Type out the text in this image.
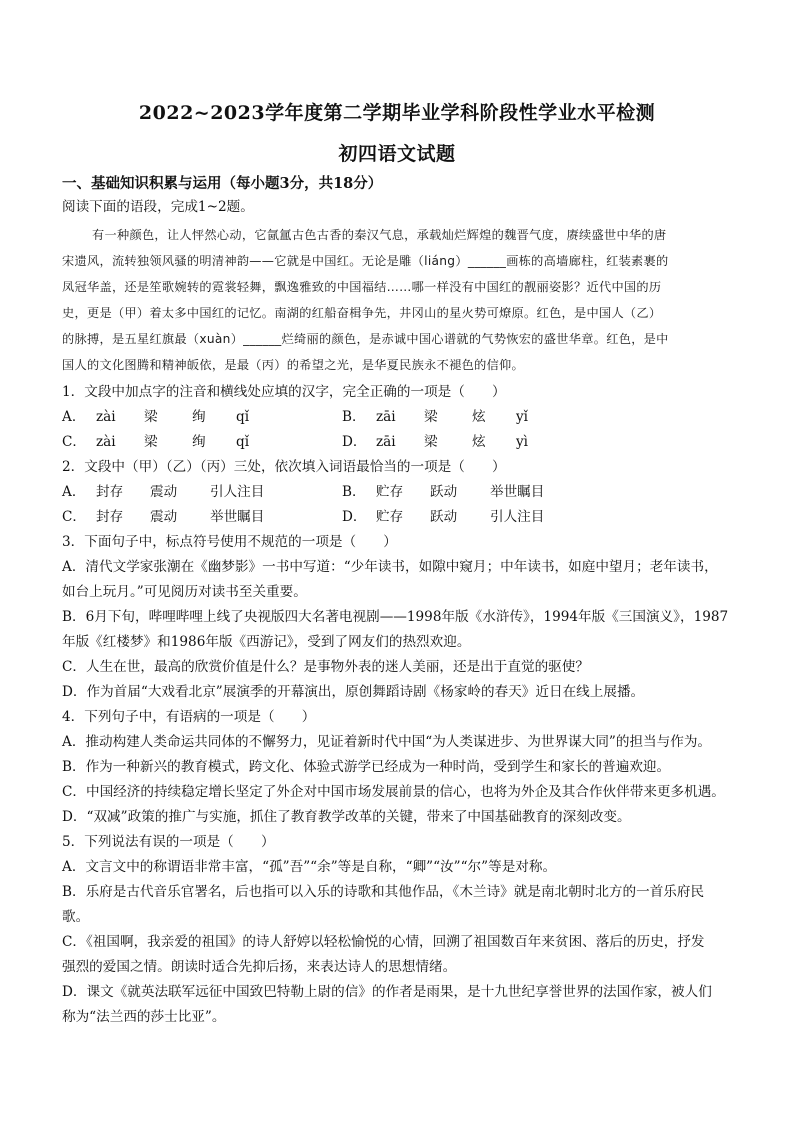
2022~2023学年度第二学期毕业学科阶段性学业水平检测
初四语文试题
一、基础知识积累与运用（每小题3分，共18分）
阅读下面的语段，完成1~2题。
有一种颜色，让人怦然心动，它氤氲古色古香的秦汉气息，承载灿烂辉煌的魏晋气度，赓续盛世中华的唐
宋遗风，流转独领风骚的明清神韵——它就是中国红。无论是雕（liáng）______画栋的高墙廊柱，红装素裹的
凤冠华盖，还是笙歌婉转的霓裳轻舞，飘逸雅致的中国福结……哪一样没有中国红的靓丽姿影？近代中国的历
史，更是（甲）着太多中国红的记忆。南湖的红船奋楫争先，井冈山的星火势可燎原。红色，是中国人（乙）
的脉搏，是五星红旗最（xuàn）______烂绮丽的颜色，是赤诚中国心谱就的气势恢宏的盛世华章。红色，是中
国人的文化图腾和精神皈依，是最（丙）的希望之光，是华夏民族永不褪色的信仰。
1．文段中加点字的注音和横线处应填的汉字，完全正确的一项是（　　）
A． zài 梁	绚 qǐ	B． zāi 梁	炫 yǐ
C． zài 梁	绚 qǐ	D． zāi 梁	炫 yì
2．文段中（甲）（乙）（丙）三处，依次填入词语最恰当的一项是（　　）
A． 封存 震动 引人注目	B． 贮存 跃动 举世瞩目
C． 封存 震动 举世瞩目	D． 贮存 跃动 引人注目
3．下面句子中，标点符号使用不规范的一项是（　　）
A．清代文学家张潮在《幽梦影》一书中写道：“少年读书，如隙中窥月；中年读书，如庭中望月；老年读书，
如台上玩月。”可见阅历对读书至关重要。
B．6月下旬，哔哩哔哩上线了央视版四大名著电视剧——1998年版《水浒传》，1994年版《三国演义》，1987
年版《红楼梦》和1986年版《西游记》，受到了网友们的热烈欢迎。
C．人生在世，最高的欣赏价值是什么？是事物外表的迷人美丽，还是出于直觉的驱使？
D．作为首届“大戏看北京”展演季的开幕演出，原创舞蹈诗剧《杨家岭的春天》近日在线上展播。
4．下列句子中，有语病的一项是（　　）
A．推动构建人类命运共同体的不懈努力，见证着新时代中国“为人类谋进步、为世界谋大同”的担当与作为。
B．作为一种新兴的教育模式，跨文化、体验式游学已经成为一种时尚，受到学生和家长的普遍欢迎。
C．中国经济的持续稳定增长坚定了外企对中国市场发展前景的信心，也将为外企及其合作伙伴带来更多机遇。
D．“双减”政策的推广与实施，抓住了教育教学改革的关键，带来了中国基础教育的深刻改变。
5．下列说法有误的一项是（　　）
A．文言文中的称谓语非常丰富，“孤”吾”“余”等是自称，“卿”“汝”“尔”等是对称。
B．乐府是古代音乐官署名，后也指可以入乐的诗歌和其他作品，《木兰诗》就是南北朝时北方的一首乐府民
歌。
C．《祖国啊，我亲爱的祖国》的诗人舒婷以轻松愉悦的心情，回溯了祖国数百年来贫困、落后的历史，抒发
强烈的爱国之情。朗读时适合先抑后扬，来表达诗人的思想情绪。
D．课文《就英法联军远征中国致巴特勒上尉的信》的作者是雨果，是十九世纪享誉世界的法国作家，被人们
称为“法兰西的莎士比亚”。
